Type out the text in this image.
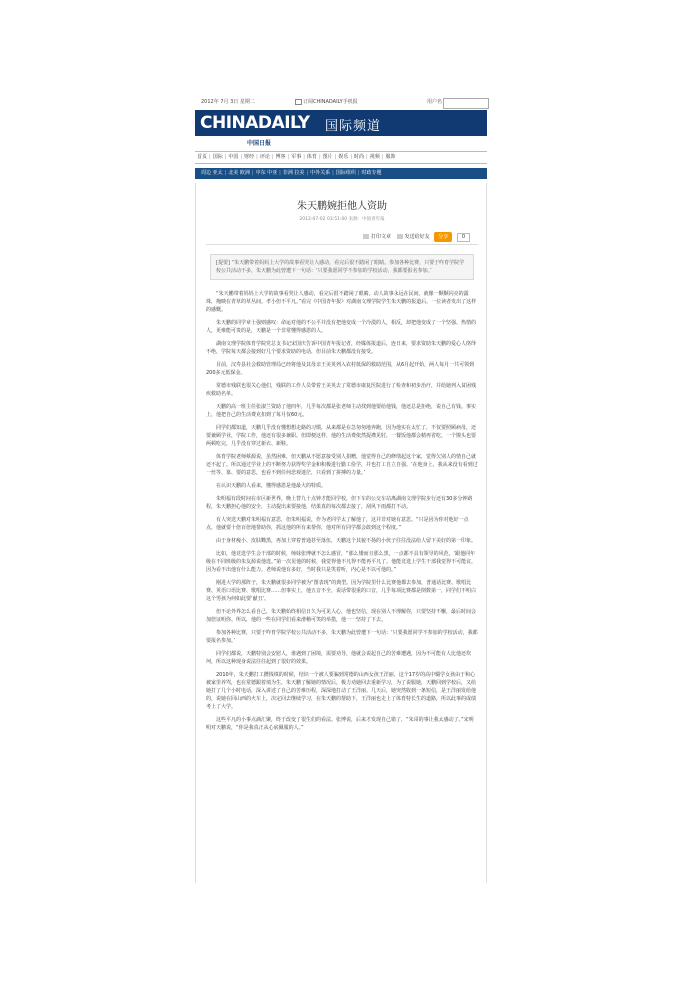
2012年 7月 3日 星期二	订阅CHINADAILY手机报	用户名
CHINADAILY 国际频道
中国日报
首页 | 国际 | 中国 | 财经 | 评论 | 博客 | 军事 | 体育 | 图片 | 娱乐 | 时尚 | 视频 | 服饰
周边 亚太 | 北美 欧洲 | 中东 中亚 | 非洲 拉美 | 中外关系 | 国际组织 | 时政专题
朱天鹏婉拒他人资助
2012-07-02 03:51:00 来源：中国青年报
打印文章	发送给好友 分享	0
[提要] “朱天鹏带着妈妈上大学的故事看哭让人感动，看完后很不踏闲了眼睛。参加各种比赛，只要于咋育学院学校公共活动不多，朱天鹏为此曾遭下一句话：‘只要我愿同学不参加的学校活动，我都要报名参加。’

“朱天鹏带着妈妈上大学的故事看哭让人感动，看完后很不踏闲了眼睛。动人故事永远在民间。就像一颗颗闪亮的露珠，掩映在青草的草丛间。孝小但不平凡。”看完《中国青年报》对湖南文理学院学生朱天鹏的报道后，一位读者发出了这样的感慨。

朱天鹏的同学章士强则感叹：命运对他的不公平并没有把他变成一个冷漠的人，相反，却把他变成了一个坚强、热情的人，更难能可贵的是，天鹏是一个非常懂得感恩的人。

湖南文理学院体育学院党总支书记宋国庆告诉中国青年报记者，经媒体报道后，连日来，要求资助朱天鹏的爱心人络绎不绝，学院每天都会接到好几个要求资助的电话，但目前朱天鹏都没有接受。

目前，汉寿县社会救助管理局已经将他及其母亲王美英列入农村低保的救助范围，从6月起开始，两人每月一共可领到200多元低保金。

常德市残联也很关心他们，残联的工作人员带着王美英去了常德市康复医院进行了检查和初步治疗，并给她列入贫困残疾救助名单。

天鹏的高一班主任张淑兰资助了他四年，几乎每次都是张老师主动找到他要给他钱，他还总是拒绝，说自己有钱。事实上，他把自己的生活费克扣到了每月仅60元。

同学们都知道，天鹏几乎没有懂想想走路的习惯，从来都是在急匆匆地奔跑，因为他实在太忙了，不仅要照顾病母，还要兼顾学业，学院工作，他还有很多兼职。但即便这样，他的生活费依然捉襟见肘，一餐饭他都会精再省吃，一个馒头也要两顿吃完，几乎没有穿过新衣、新鞋。

体育学院老师蔡源说，虽然困难，但天鹏从不愿意接受别人捐赠，他觉得自己的修缮起这个家，觉得欠别人的情自己就还不起了。所以通过学业上的不断努力获得奖学金和积极进行勤工俭学，并也打工自立自强。‘在他身上，我从来没有看到过一丝等、靠、要的意思，也看不到任何悲观迷茫，只看到了拼搏的力量。’

在认识天鹏的人看来，懂得感恩是他最大的特质。

朱明福有段时间在市区新世界，晚上替九十点钟才能回学校，但下车的公交车站离湖南文理学院步行还有30多分钟路程，朱天鹏担心他的安全，主动提出来要接他，结果真的每次都去接了，刮风下雨都打不动。

有人突送天鹏对朱明福有意思，但朱明福说，作为老同学太了解他了，这并非对她有意思。“只是因为你对他好一点点，他就要十倍百倍地帮助你，抓这他的所有来帮你，他对所有同学都会敢到这个程度。”

由于身材瘦小、皮肤黝黑，再加上穿着普通甚至落伍，天鹏这个其貌不扬的小伙子往往没法给人留下美好的第一印象。

比如，他竞选学生会干部的时候，师妹张博就不怎么感冒，“那么矮而且那么黑，一点都不具有领导的风范，‘跟他同年级在不同班级的朱友源说他选。”第一次见他的时候，我觉得他不凡得不能再平凡了。他能竞选上学生干部我觉得不可能议，因为看不出他有什么能力。老师说他有多好，当时我只是笑着听，内心是不以可他的。”

刚进大学的那阵子，朱天鹏就很多同学被为“图表现”的典型。因为学院里什么比赛他都去参加，普通话比赛、歌唱比赛、英语口语比赛、歌唱比赛……但事实上，他五音不全，说话带很重的口音，几乎每项比赛都是倒数第一，同学们不明白这个男孩为何如此要‘献丑’。

但不论外界怎么看自己，朱天鹏始终相信日久为可见人心，他也坚信，现在别人不理解你，只要坚持不懈，最后时间会加倍证明你。所以，他的一些在同学们看来滑稽可笑的举措，他一一坚持了下去。

参加各种比赛，只要于咋育学院学校公共活动不多，朱天鹏为此曾遭下一句话：‘只要我愿同学不参加的学校活动，我都要报名参加。’

同学们都说，天鹏特别会安慰人，谁遇到了困境，需要劝导，他就会说起自己的苦难遭遇，因为不可能有人比他还坎坷，所以这种现身说法往往起到了很好的效果。

2010年，朱天鹏打工攒钱填的时候，结识一个被人要骗到常德的山西女孩王洋丽，这个17岁的高中辍学女孩由于和心被家里养骂，也在常德跟着填为生，朱天鹏了解她的情况后，极力劝她回去重新学习，为了说服她，天鹏回到学校后，又给她打了几个小时电话，深入讲述了自己的苦难历程，深深地打动了王洋丽。几天后，她突然收到一条短信，是王洋丽发给他的，说她在回山西的火车上，决定回去继续学习，在朱天鹏的帮助下，王洋丽也走上了体育特长生的道路，所以此事的成绩考上了大学。

这些平凡的小事点滴汇聚，终于改变了很生们的看法。张博说，后来才发现自己错了，“朱哥的事让我太感动了。”宋明明对天鹏说，“你是我真正从心底佩服的人。”
